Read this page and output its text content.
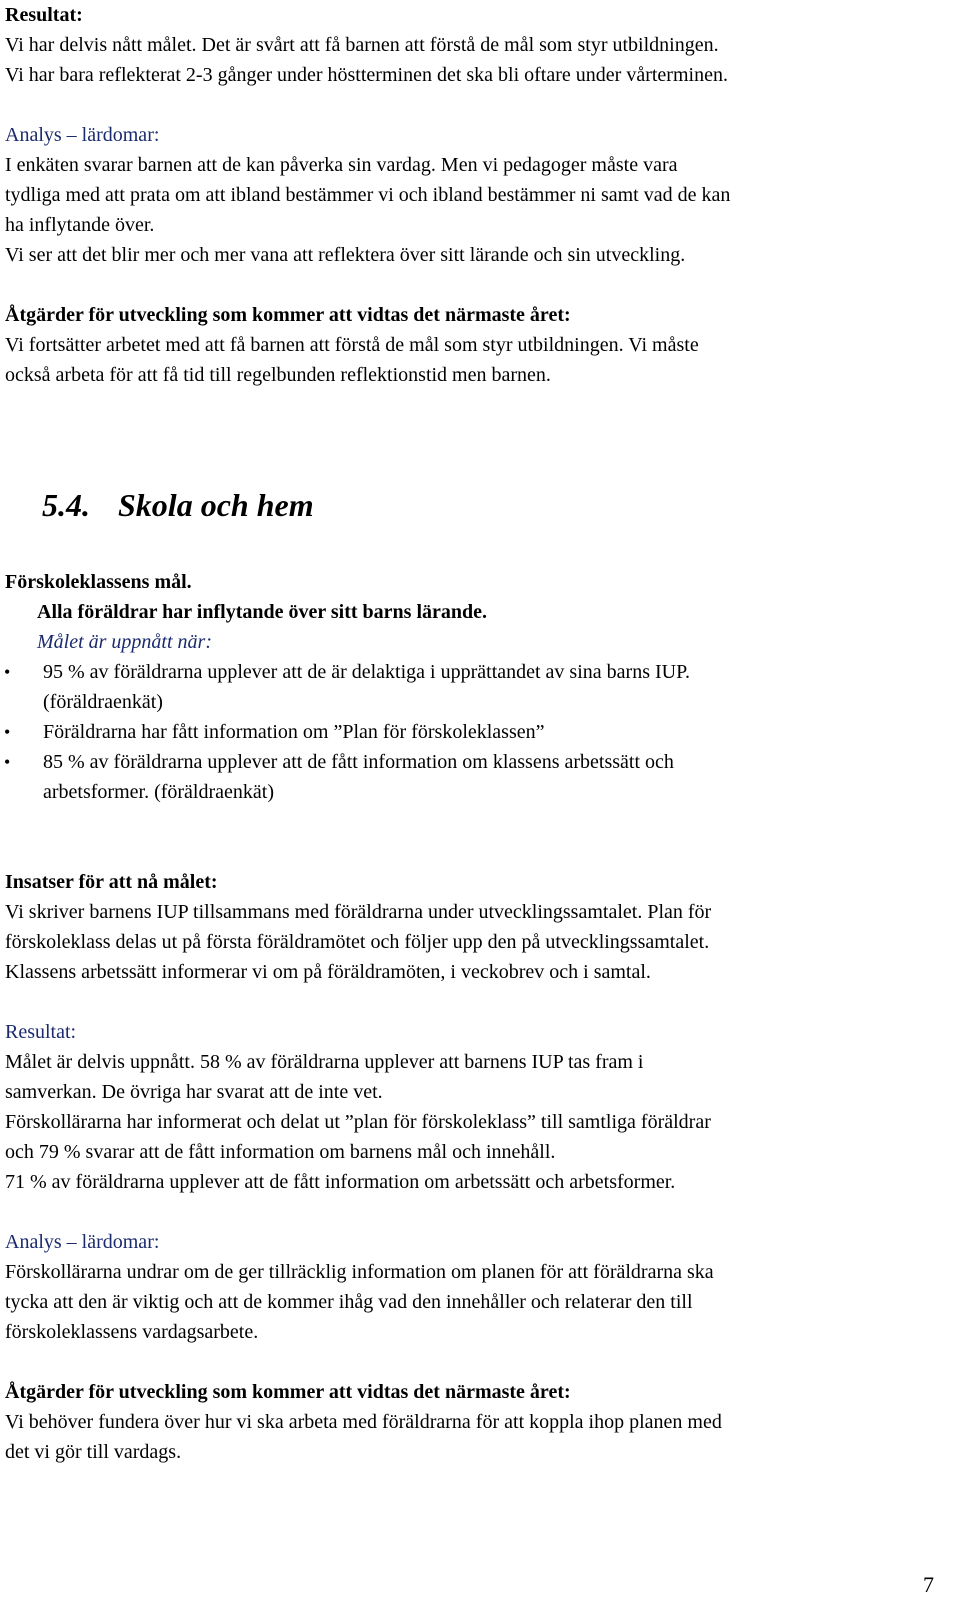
Resultat:

Vi har delvis nått målet. Det är svårt att få barnen att förstå de mål som styr utbildningen.
Vi har bara reflekterat 2-3 gånger under höstterminen det ska bli oftare under vårterminen.

Analys – lärdomar:

I enkäten svarar barnen att de kan påverka sin vardag. Men vi pedagoger måste vara
tydliga med att prata om att ibland bestämmer vi och ibland bestämmer ni samt vad de kan
ha inflytande över.
Vi ser att det blir mer och mer vana att reflektera över sitt lärande och sin utveckling.

Åtgärder för utveckling som kommer att vidtas det närmaste året:

Vi fortsätter arbetet med att få barnen att förstå de mål som styr utbildningen. Vi måste
också arbeta för att få tid till regelbunden reflektionstid men barnen.

5.4. Skola och hem

Förskoleklassens mål.

Alla föräldrar har inflytande över sitt barns lärande.

Målet är uppnått när:

• 95 % av föräldrarna upplever att de är delaktiga i upprättandet av sina barns IUP.
(föräldraenkät)
• Föräldrarna har fått information om ”Plan för förskoleklassen”
• 85 % av föräldrarna upplever att de fått information om klassens arbetssätt och
arbetsformer. (föräldraenkät)

Insatser för att nå målet:

Vi skriver barnens IUP tillsammans med föräldrarna under utvecklingssamtalet. Plan för
förskoleklass delas ut på första föräldramötet och följer upp den på utvecklingssamtalet.
Klassens arbetssätt informerar vi om på föräldramöten, i veckobrev och i samtal.

Resultat:

Målet är delvis uppnått. 58 % av föräldrarna upplever att barnens IUP tas fram i
samverkan. De övriga har svarat att de inte vet.
Förskollärarna har informerat och delat ut ”plan för förskoleklass” till samtliga föräldrar
och 79 % svarar att de fått information om barnens mål och innehåll.
71 % av föräldrarna upplever att de fått information om arbetssätt och arbetsformer.

Analys – lärdomar:

Förskollärarna undrar om de ger tillräcklig information om planen för att föräldrarna ska
tycka att den är viktig och att de kommer ihåg vad den innehåller och relaterar den till
förskoleklassens vardagsarbete.

Åtgärder för utveckling som kommer att vidtas det närmaste året:

Vi behöver fundera över hur vi ska arbeta med föräldrarna för att koppla ihop planen med
det vi gör till vardags.

7
